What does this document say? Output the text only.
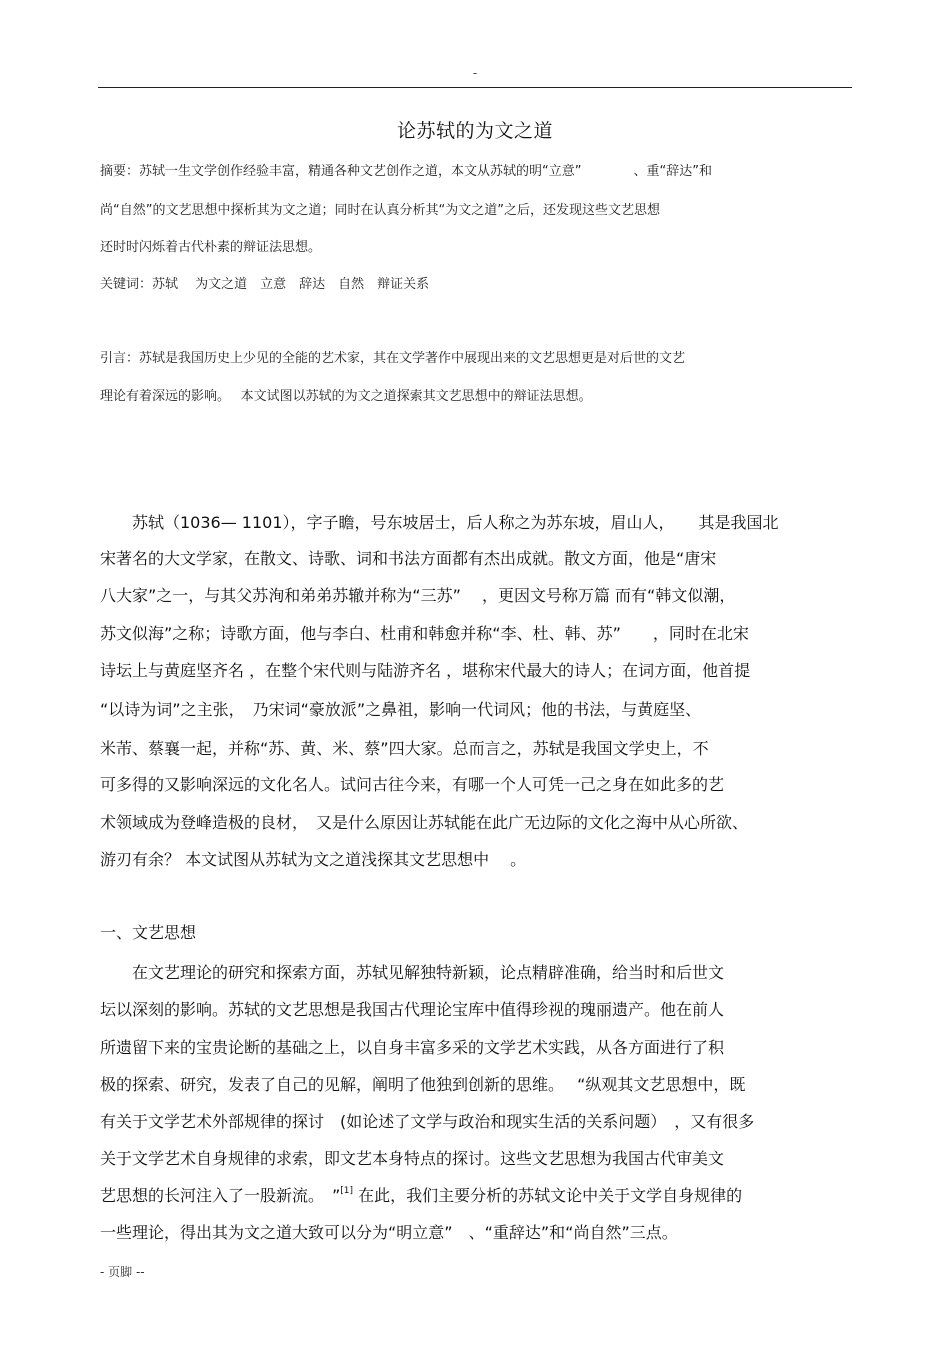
-
论苏轼的为文之道
摘要：苏轼一生文学创作经验丰富，精通各种文艺创作之道，本文从苏轼的明“立意”　　　　、重“辞达”和
尚“自然”的文艺思想中探析其为文之道；同时在认真分析其“为文之道”之后，还发现这些文艺思想
还时时闪烁着古代朴素的辩证法思想。
关键词：苏轼　 为文之道　立意　辞达　自然　辩证关系
引言：苏轼是我国历史上少见的全能的艺术家，其在文学著作中展现出来的文艺思想更是对后世的文艺
理论有着深远的影响。　 本文试图以苏轼的为文之道探索其文艺思想中的辩证法思想。
　　苏轼（1036— 1101），字子瞻，号东坡居士，后人称之为苏东坡，眉山人，　　其是我国北
宋著名的大文学家，在散文、诗歌、词和书法方面都有杰出成就。散文方面，他是“唐宋
八大家”之一，与其父苏洵和弟弟苏辙并称为“三苏”　 ，更因文号称万篇 而有“韩文似潮，
苏文似海”之称；诗歌方面，他与李白、杜甫和韩愈并称“李、杜、韩、苏”　　，同时在北宋
诗坛上与黄庭坚齐名 ，在整个宋代则与陆游齐名 ，堪称宋代最大的诗人；在词方面，他首提
“以诗为词”之主张，　乃宋词“豪放派”之鼻祖，影响一代词风；他的书法，与黄庭坚、
米芾、蔡襄一起，并称“苏、黄、米、蔡”四大家。总而言之，苏轼是我国文学史上，不
可多得的又影响深远的文化名人。试问古往今来，有哪一个人可凭一己之身在如此多的艺
术领域成为登峰造极的良材，　又是什么原因让苏轼能在此广无边际的文化之海中从心所欲、
游刃有余？ 本文试图从苏轼为文之道浅探其文艺思想中　 。
一、文艺思想
　　在文艺理论的研究和探索方面，苏轼见解独特新颖，论点精辟准确，给当时和后世文
坛以深刻的影响。苏轼的文艺思想是我国古代理论宝库中值得珍视的瑰丽遗产。他在前人
所遗留下来的宝贵论断的基础之上，以自身丰富多采的文学艺术实践，从各方面进行了积
极的探索、研究，发表了自己的见解，阐明了他独到创新的思维。　 “纵观其文艺思想中，既
有关于文学艺术外部规律的探讨　(如论述了文学与政治和现实生活的关系问题）　，又有很多
关于文学艺术自身规律的求索，即文艺本身特点的探讨。这些文艺思想为我国古代审美文
艺思想的长河注入了一股新流。　”[1] 在此，我们主要分析的苏轼文论中关于文学自身规律的
一些理论，得出其为文之道大致可以分为“明立意”　、“重辞达”和“尚自然”三点。
- 页脚 --
